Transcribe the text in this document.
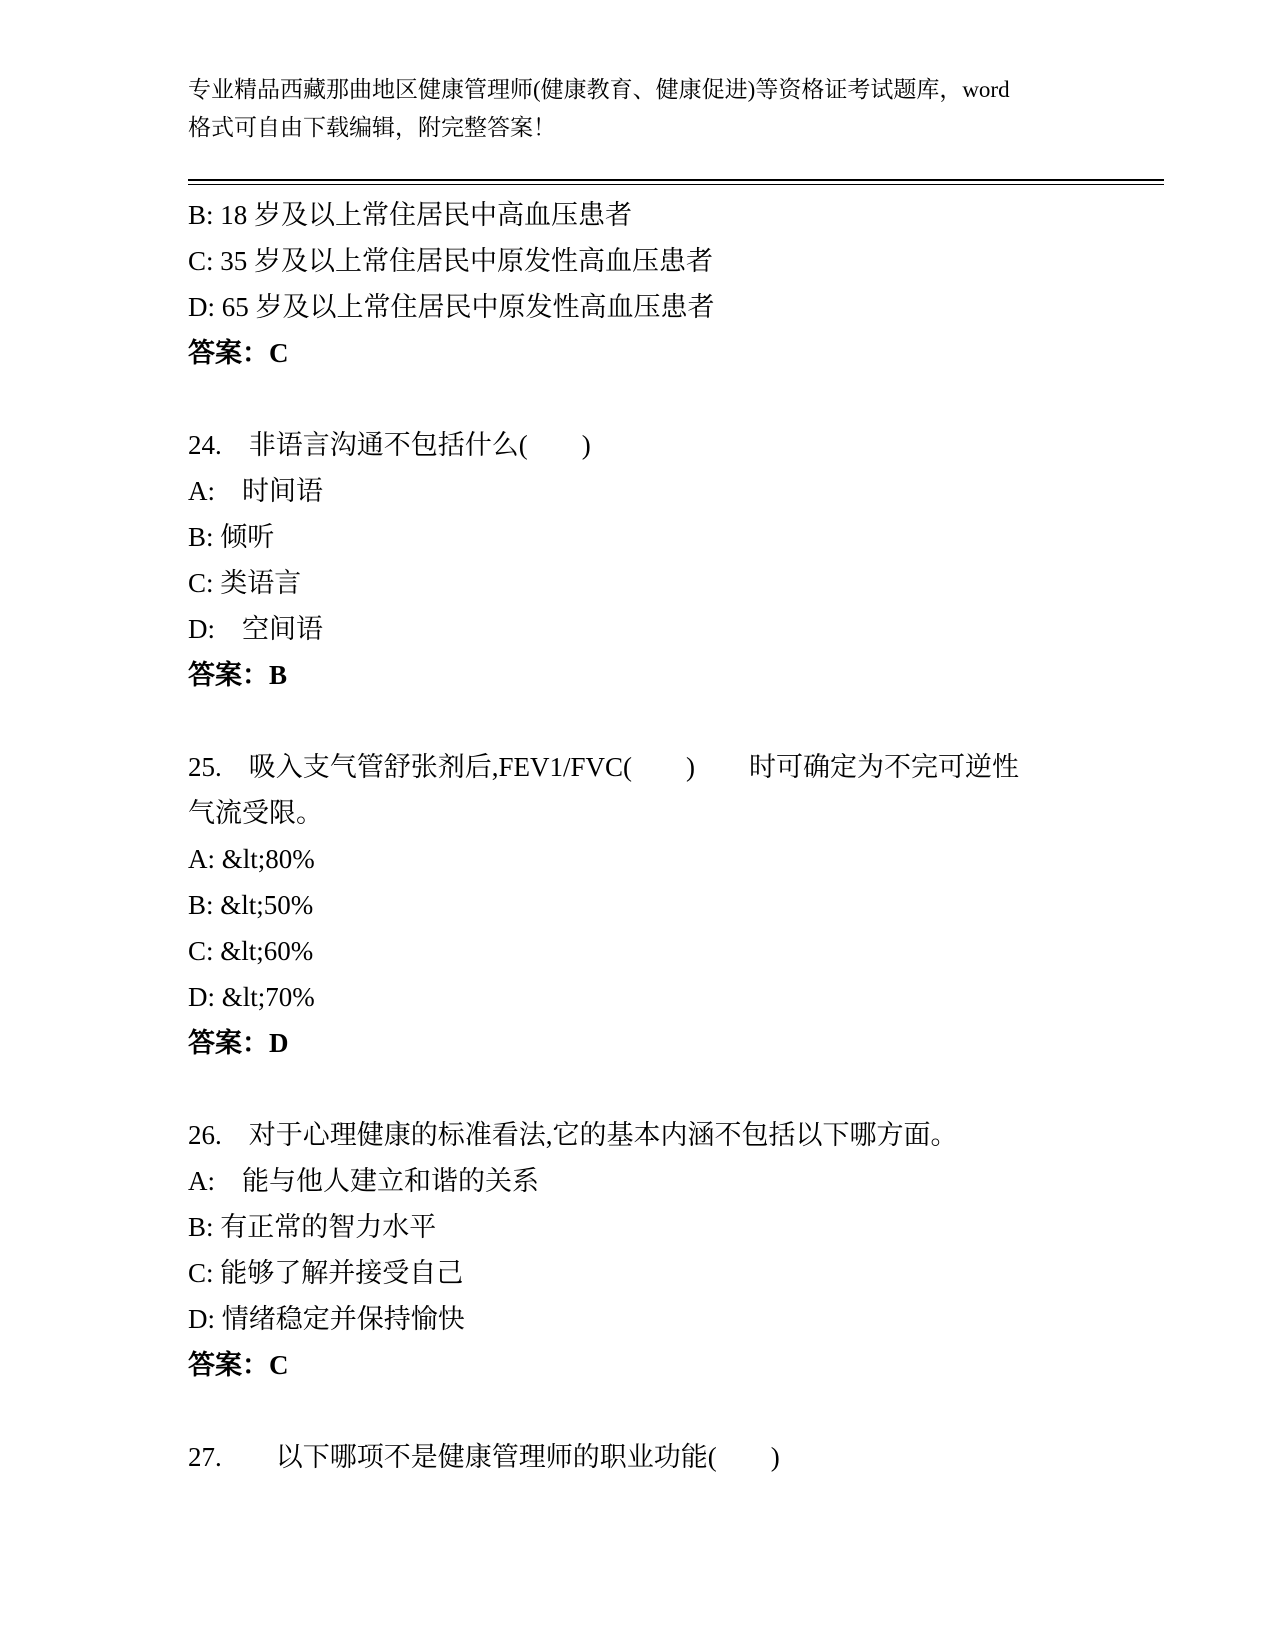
专业精品西藏那曲地区健康管理师(健康教育、健康促进)等资格证考试题库，word
格式可自由下载编辑，附完整答案！
B: 18 岁及以上常住居民中高血压患者
C: 35 岁及以上常住居民中原发性高血压患者
D: 65 岁及以上常住居民中原发性高血压患者
答案：C
24.　非语言沟通不包括什么(　　)
A:　时间语
B: 倾听
C: 类语言
D:　空间语
答案：B
25.　吸入支气管舒张剂后,FEV1/FVC(　　)　　时可确定为不完可逆性
气流受限。
A: &lt;80%
B: &lt;50%
C: &lt;60%
D: &lt;70%
答案：D
26.　对于心理健康的标准看法,它的基本内涵不包括以下哪方面。
A:　能与他人建立和谐的关系
B: 有正常的智力水平
C: 能够了解并接受自己
D: 情绪稳定并保持愉快
答案：C
27.　　以下哪项不是健康管理师的职业功能(　　)
